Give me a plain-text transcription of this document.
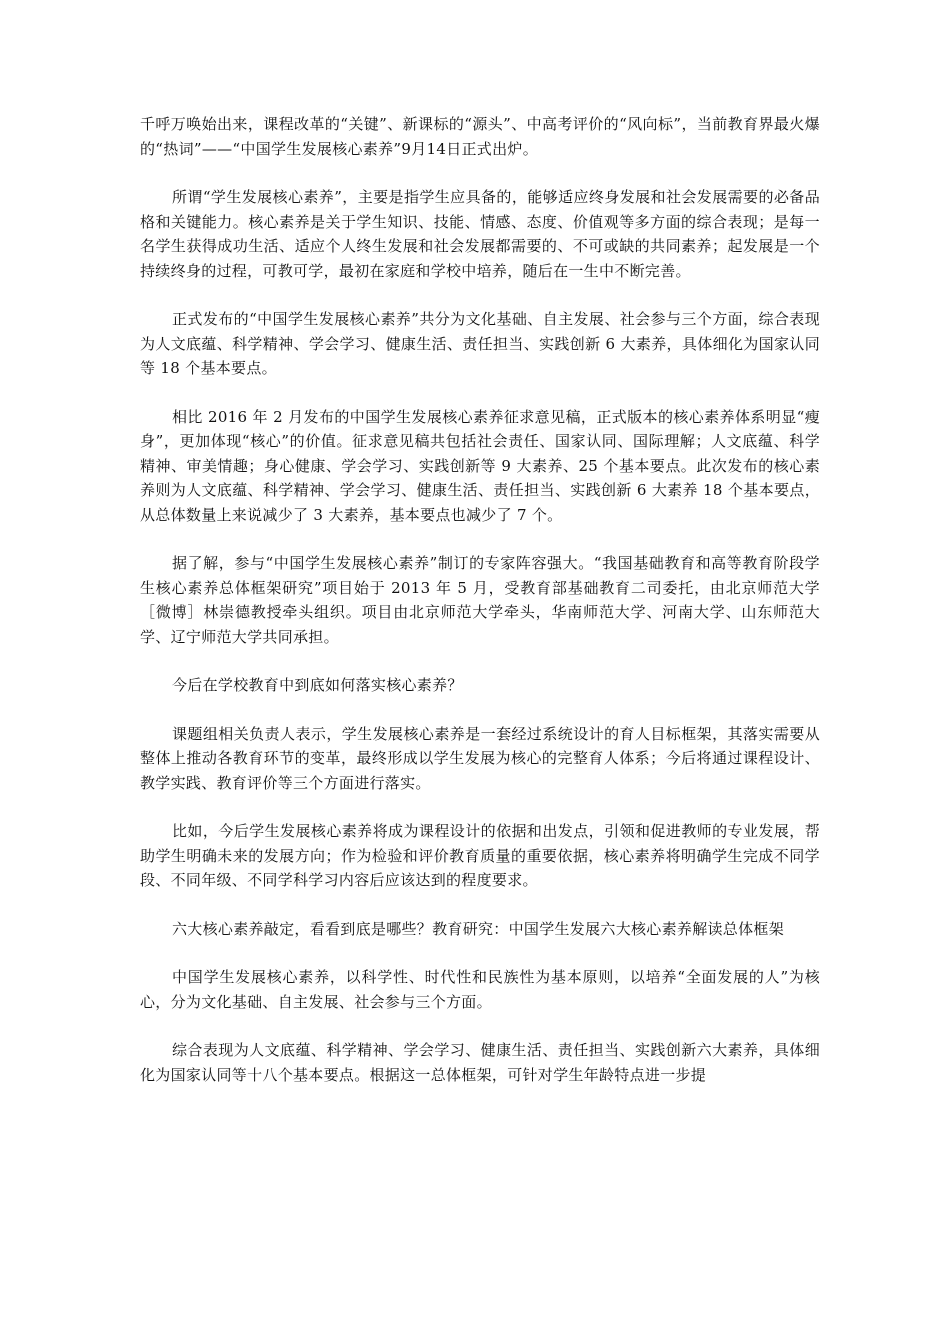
千呼万唤始出来，课程改革的“关键”、新课标的“源头”、中高考评价的“风向标”，当前教育界最火爆的“热词”——“中国学生发展核心素养”9月14日正式出炉。

所谓“学生发展核心素养”，主要是指学生应具备的，能够适应终身发展和社会发展需要的必备品格和关键能力。核心素养是关于学生知识、技能、情感、态度、价值观等多方面的综合表现；是每一名学生获得成功生活、适应个人终生发展和社会发展都需要的、不可或缺的共同素养；起发展是一个持续终身的过程，可教可学，最初在家庭和学校中培养，随后在一生中不断完善。

正式发布的“中国学生发展核心素养”共分为文化基础、自主发展、社会参与三个方面，综合表现为人文底蕴、科学精神、学会学习、健康生活、责任担当、实践创新 6 大素养，具体细化为国家认同等 18 个基本要点。

相比 2016 年 2 月发布的中国学生发展核心素养征求意见稿，正式版本的核心素养体系明显“瘦身”，更加体现“核心”的价值。征求意见稿共包括社会责任、国家认同、国际理解；人文底蕴、科学精神、审美情趣；身心健康、学会学习、实践创新等 9 大素养、25 个基本要点。此次发布的核心素养则为人文底蕴、科学精神、学会学习、健康生活、责任担当、实践创新 6 大素养 18 个基本要点，从总体数量上来说减少了 3 大素养，基本要点也减少了 7 个。

据了解，参与“中国学生发展核心素养”制订的专家阵容强大。“我国基础教育和高等教育阶段学生核心素养总体框架研究”项目始于 2013 年 5 月，受教育部基础教育二司委托，由北京师范大学［微博］林崇德教授牵头组织。项目由北京师范大学牵头，华南师范大学、河南大学、山东师范大学、辽宁师范大学共同承担。

今后在学校教育中到底如何落实核心素养？

课题组相关负责人表示，学生发展核心素养是一套经过系统设计的育人目标框架，其落实需要从整体上推动各教育环节的变革，最终形成以学生发展为核心的完整育人体系；今后将通过课程设计、教学实践、教育评价等三个方面进行落实。

比如，今后学生发展核心素养将成为课程设计的依据和出发点，引领和促进教师的专业发展，帮助学生明确未来的发展方向；作为检验和评价教育质量的重要依据，核心素养将明确学生完成不同学段、不同年级、不同学科学习内容后应该达到的程度要求。

六大核心素养敲定，看看到底是哪些？教育研究：中国学生发展六大核心素养解读总体框架

中国学生发展核心素养，以科学性、时代性和民族性为基本原则，以培养“全面发展的人”为核心，分为文化基础、自主发展、社会参与三个方面。

综合表现为人文底蕴、科学精神、学会学习、健康生活、责任担当、实践创新六大素养，具体细化为国家认同等十八个基本要点。根据这一总体框架，可针对学生年龄特点进一步提
